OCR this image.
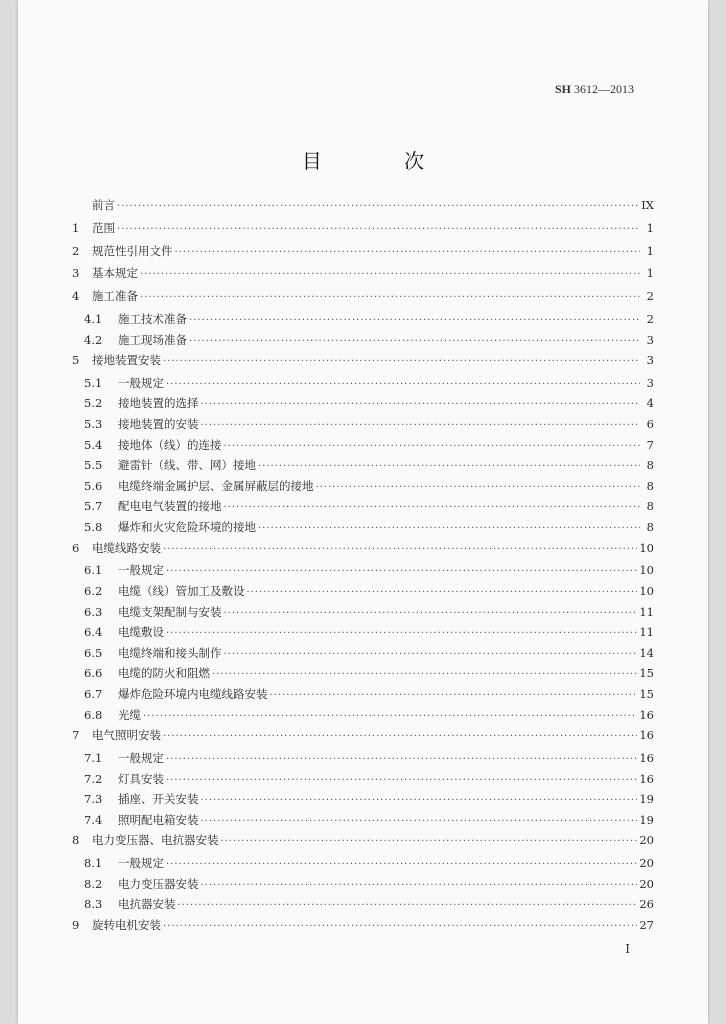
SH 3612—2013
目 次
前言 ·····	IX
1	范围 ·····	1
2	规范性引用文件 ·····	1
3	基本规定 ·····	1
4	施工准备 ·····	2
4.1	施工技术准备 ·····	2
4.2	施工现场准备 ·····	3
5	接地装置安装 ·····	3
5.1	一般规定 ·····	3
5.2	接地装置的选择 ·····	4
5.3	接地装置的安装 ·····	6
5.4	接地体（线）的连接 ·····	7
5.5	避雷针（线、带、网）接地 ·····	8
5.6	电缆终端金属护层、金属屏蔽层的接地 ·····	8
5.7	配电电气装置的接地 ·····	8
5.8	爆炸和火灾危险环境的接地 ·····	8
6	电缆线路安装 ·····	10
6.1	一般规定 ·····	10
6.2	电缆（线）管加工及敷设 ·····	10
6.3	电缆支架配制与安装 ·····	11
6.4	电缆敷设 ·····	11
6.5	电缆终端和接头制作 ·····	14
6.6	电缆的防火和阻燃 ·····	15
6.7	爆炸危险环境内电缆线路安装 ·····	15
6.8	光缆 ·····	16
7	电气照明安装 ·····	16
7.1	一般规定 ·····	16
7.2	灯具安装 ·····	16
7.3	插座、开关安装 ·····	19
7.4	照明配电箱安装 ·····	19
8	电力变压器、电抗器安装 ·····	20
8.1	一般规定 ·····	20
8.2	电力变压器安装 ·····	20
8.3	电抗器安装 ·····	26
9	旋转电机安装 ·····	27
I
